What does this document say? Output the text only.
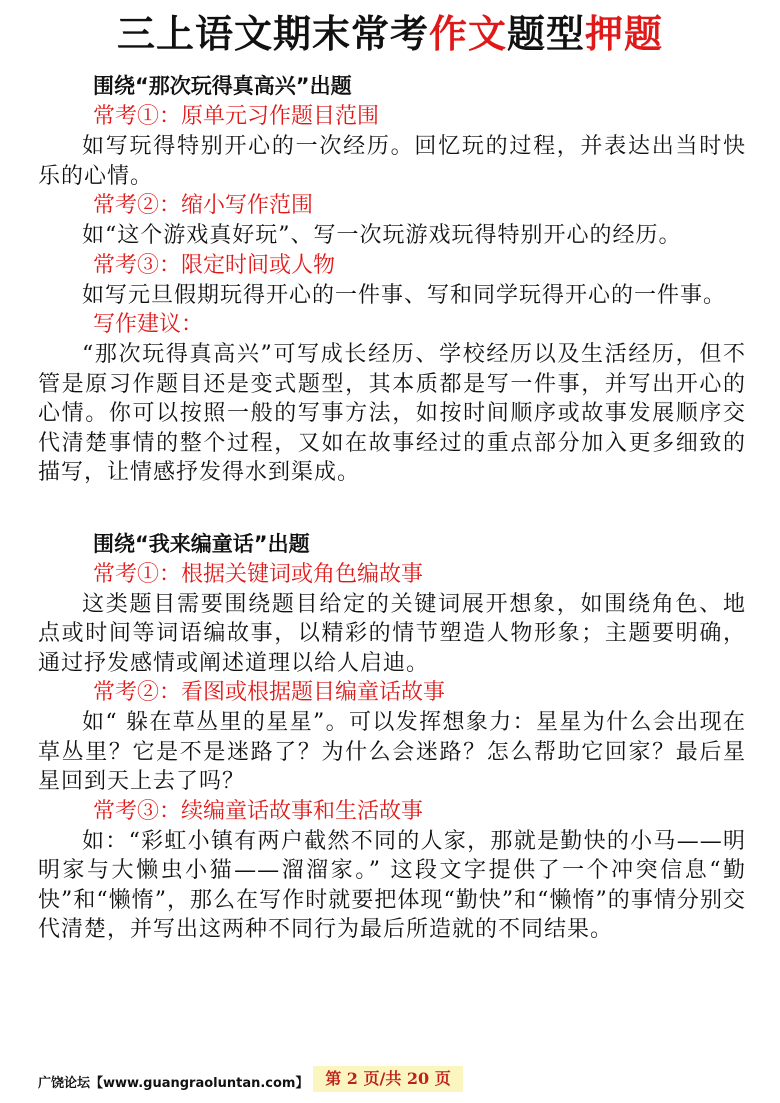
三上语文期末常考作文题型押题
围绕“那次玩得真高兴”出题
常考①：原单元习作题目范围

如写玩得特别开心的一次经历。回忆玩的过程，并表达出当时快乐的心情。

常考②：缩小写作范围

如“这个游戏真好玩”、写一次玩游戏玩得特别开心的经历。

常考③：限定时间或人物

如写元旦假期玩得开心的一件事、写和同学玩得开心的一件事。

写作建议：

“那次玩得真高兴”可写成长经历、学校经历以及生活经历，但不管是原习作题目还是变式题型，其本质都是写一件事，并写出开心的心情。你可以按照一般的写事方法，如按时间顺序或故事发展顺序交代清楚事情的整个过程，又如在故事经过的重点部分加入更多细致的描写，让情感抒发得水到渠成。

围绕“我来编童话”出题
常考①：根据关键词或角色编故事

这类题目需要围绕题目给定的关键词展开想象，如围绕角色、地点或时间等词语编故事，以精彩的情节塑造人物形象；主题要明确，通过抒发感情或阐述道理以给人启迪。

常考②：看图或根据题目编童话故事

如“ 躲在草丛里的星星”。可以发挥想象力：星星为什么会出现在草丛里？它是不是迷路了？为什么会迷路？怎么帮助它回家？最后星星回到天上去了吗？

常考③：续编童话故事和生活故事

如：“彩虹小镇有两户截然不同的人家，那就是勤快的小马——明明家与大懒虫小猫——溜溜家。” 这段文字提供了一个冲突信息“勤快”和“懒惰”，那么在写作时就要把体现“勤快”和“懒惰”的事情分别交代清楚，并写出这两种不同行为最后所造就的不同结果。

广饶论坛【www.guangraoluntan.com】	第 2 页/共 20 页
